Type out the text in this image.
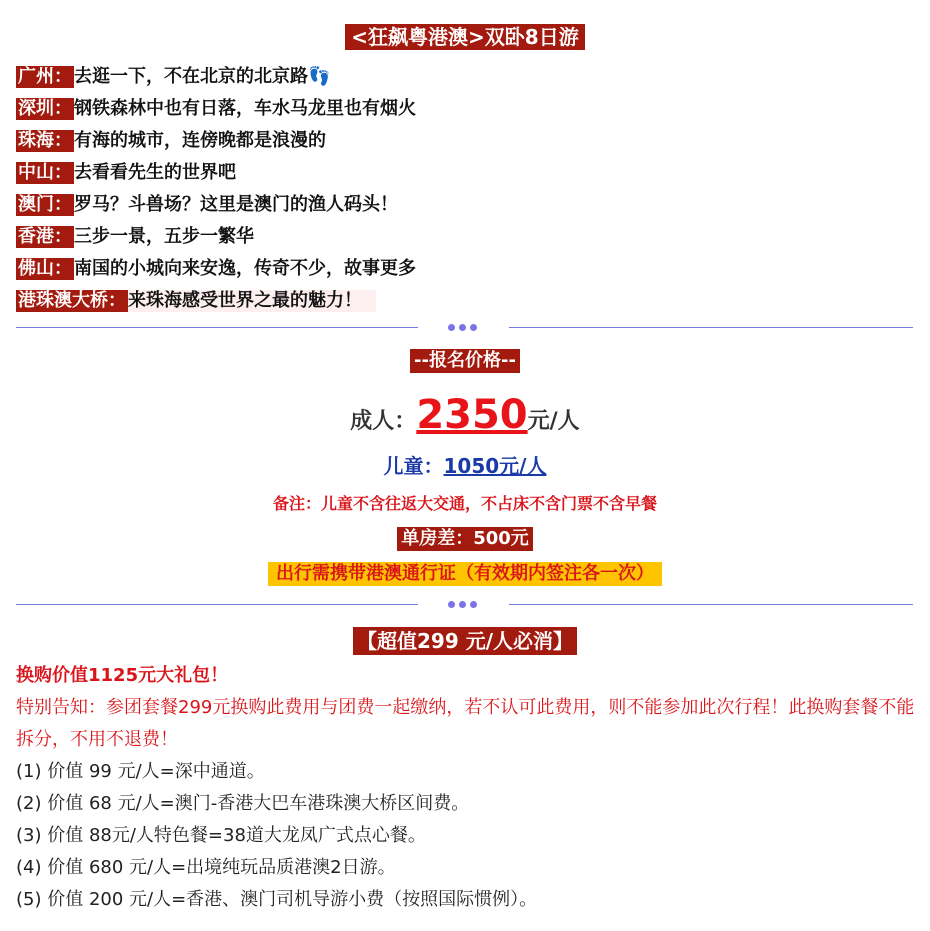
<狂飙粤港澳>双卧8日游
广州： 去逛一下，不在北京的北京路👣
深圳： 钢铁森林中也有日落，车水马龙里也有烟火
珠海： 有海的城市，连傍晚都是浪漫的
中山： 去看看先生的世界吧
澳门： 罗马？斗兽场？这里是澳门的渔人码头！
香港： 三步一景，五步一繁华
佛山： 南国的小城向来安逸，传奇不少，故事更多
港珠澳大桥： 来珠海感受世界之最的魅力！
--报名价格--
成人：2350元/人
儿童：1050元/人
备注：儿童不含往返大交通，不占床不含门票不含早餐
单房差：500元
出行需携带港澳通行证（有效期内签注各一次）
【超值299 元/人必消】
换购价值1125元大礼包！
特别告知：参团套餐299元换购此费用与团费一起缴纳，若不认可此费用，则不能参加此次行程！此换购套餐不能拆分，不用不退费！
(1) 价值 99 元/人=深中通道。
(2) 价值 68 元/人=澳门-香港大巴车港珠澳大桥区间费。
(3) 价值 88元/人特色餐=38道大龙凤广式点心餐。
(4) 价值 680 元/人=出境纯玩品质港澳2日游。
(5) 价值 200 元/人=香港、澳门司机导游小费（按照国际惯例）。
